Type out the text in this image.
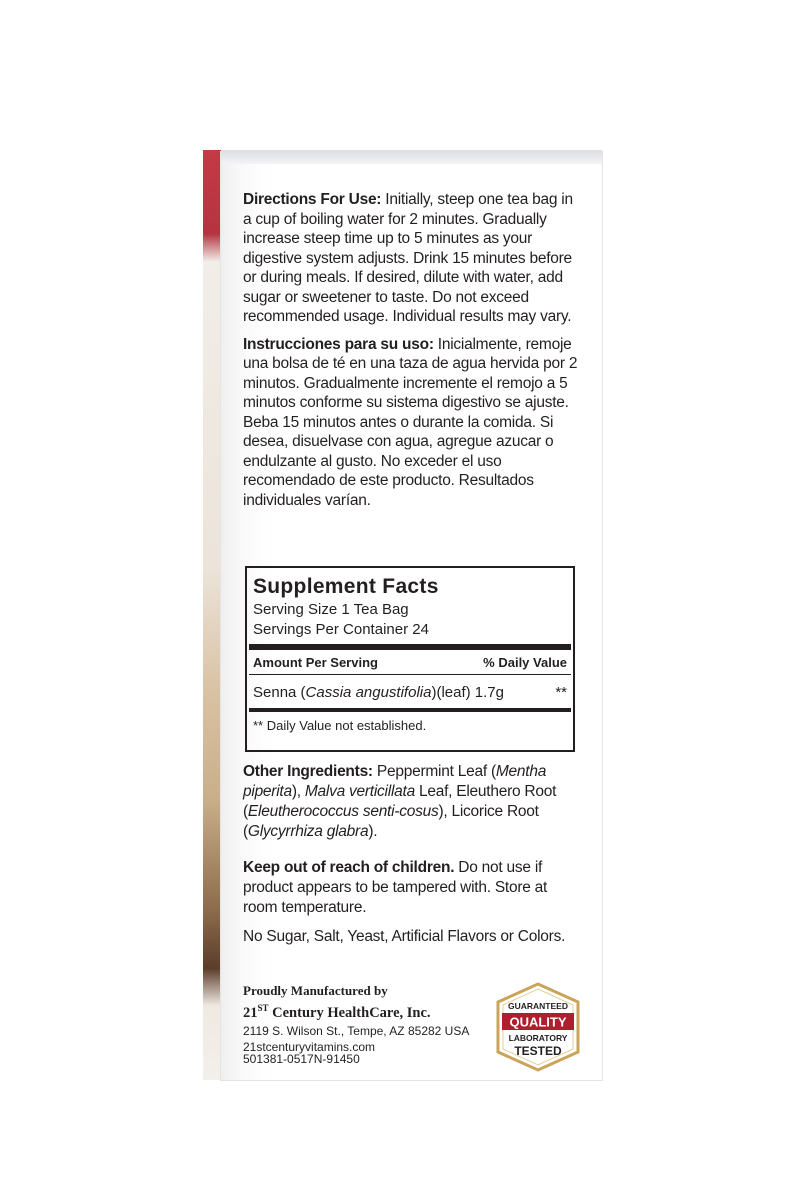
Directions For Use: Initially, steep one tea bag in a cup of boiling water for 2 minutes. Gradually increase steep time up to 5 minutes as your digestive system adjusts. Drink 15 minutes before or during meals. If desired, dilute with water, add sugar or sweetener to taste. Do not exceed recommended usage. Individual results may vary.

Instrucciones para su uso: Inicialmente, remoje una bolsa de té en una taza de agua hervida por 2 minutos. Gradualmente incremente el remojo a 5 minutos conforme su sistema digestivo se ajuste. Beba 15 minutos antes o durante la comida. Si desea, disuelvase con agua, agregue azucar o endulzante al gusto. No exceder el uso recomendado de este producto. Resultados individuales varían.

Supplement Facts
Serving Size 1 Tea Bag
Servings Per Container 24
Amount Per Serving	% Daily Value
Senna (Cassia angustifolia)(leaf) 1.7g	**
** Daily Value not established.

Other Ingredients: Peppermint Leaf (Mentha piperita), Malva verticillata Leaf, Eleuthero Root (Eleutherococcus senti-cosus), Licorice Root (Glycyrrhiza glabra).

Keep out of reach of children. Do not use if product appears to be tampered with. Store at room temperature.

No Sugar, Salt, Yeast, Artificial Flavors or Colors.

Proudly Manufactured by
21ST Century HealthCare, Inc.
2119 S. Wilson St., Tempe, AZ 85282 USA
21stcenturyvitamins.com
501381-0517N-91450
GUARANTEED
QUALITY
LABORATORY
TESTED
